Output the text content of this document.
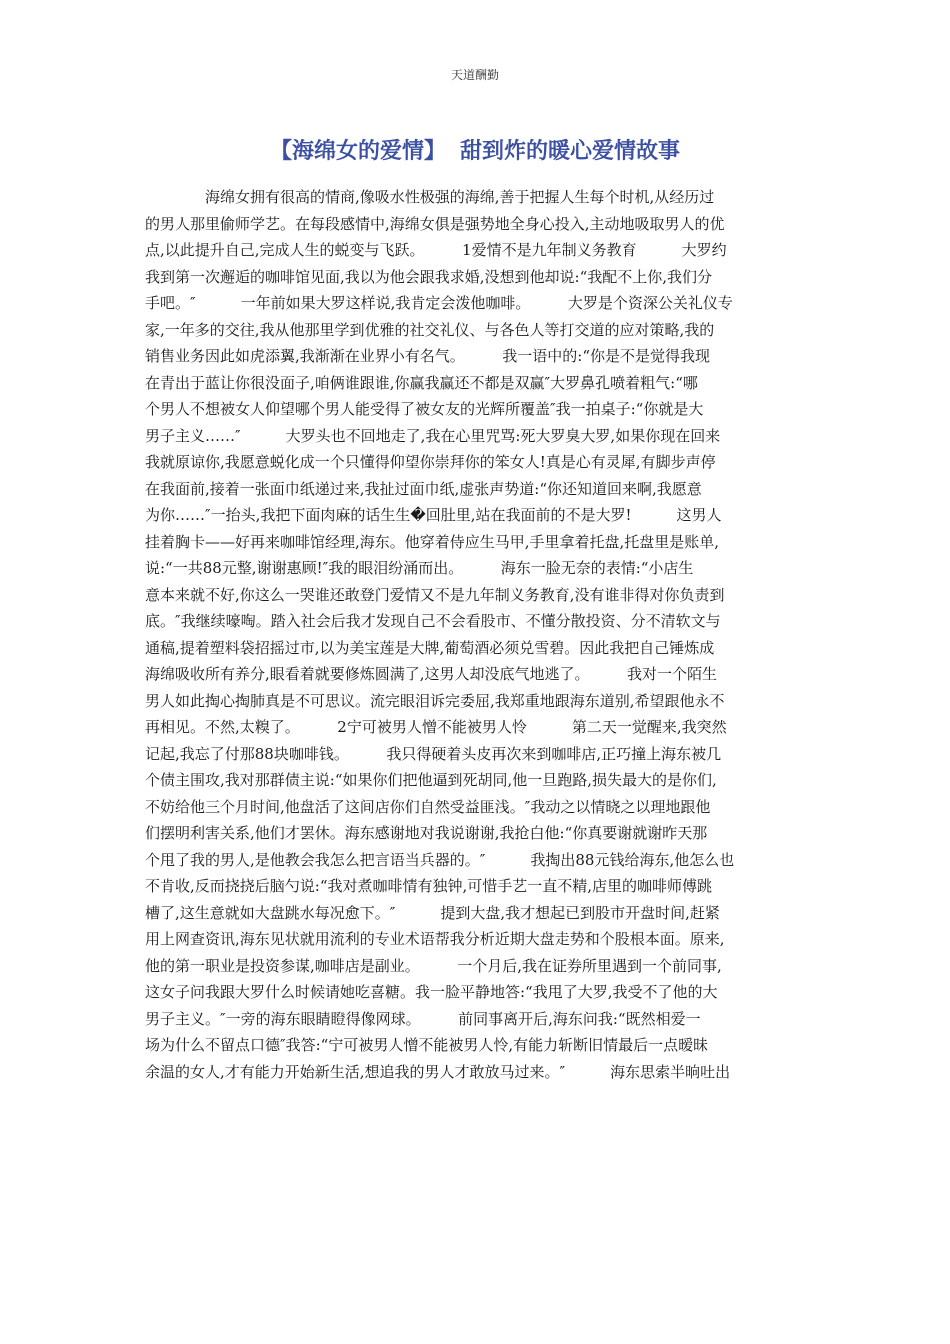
天道酬勤
【海绵女的爱情】 甜到炸的暖心爱情故事
　　　　海绵女拥有很高的情商,像吸水性极强的海绵,善于把握人生每个时机,从经历过
的男人那里偷师学艺。在每段感情中,海绵女俱是强势地全身心投入,主动地吸取男人的优
点,以此提升自己,完成人生的蜕变与飞跃。　　　1爱情不是九年制义务教育　　　大罗约
我到第一次邂逅的咖啡馆见面,我以为他会跟我求婚,没想到他却说:“我配不上你,我们分
手吧。″　　　一年前如果大罗这样说,我肯定会泼他咖啡。　　　大罗是个资深公关礼仪专
家,一年多的交往,我从他那里学到优雅的社交礼仪、与各色人等打交道的应对策略,我的
销售业务因此如虎添翼,我渐渐在业界小有名气。　　　我一语中的:“你是不是觉得我现
在青出于蓝让你很没面子,咱俩谁跟谁,你赢我赢还不都是双赢″大罗鼻孔喷着粗气:“哪
个男人不想被女人仰望哪个男人能受得了被女友的光辉所覆盖″我一拍桌子:“你就是大
男子主义……″　　　大罗头也不回地走了,我在心里咒骂:死大罗臭大罗,如果你现在回来
我就原谅你,我愿意蜕化成一个只懂得仰望你崇拜你的笨女人!真是心有灵犀,有脚步声停
在我面前,接着一张面巾纸递过来,我扯过面巾纸,虚张声势道:“你还知道回来啊,我愿意
为你……″一抬头,我把下面肉麻的话生生�回肚里,站在我面前的不是大罗!　　　这男人
挂着胸卡——好再来咖啡馆经理,海东。他穿着侍应生马甲,手里拿着托盘,托盘里是账单,
说:“一共88元整,谢谢惠顾!″我的眼泪纷涌而出。　　　海东一脸无奈的表情:“小店生
意本来就不好,你这么一哭谁还敢登门爱情又不是九年制义务教育,没有谁非得对你负责到
底。″我继续嚎啕。踏入社会后我才发现自己不会看股市、不懂分散投资、分不清软文与
通稿,提着塑料袋招摇过市,以为美宝莲是大牌,葡萄酒必须兑雪碧。因此我把自己锤炼成
海绵吸收所有养分,眼看着就要修炼圆满了,这男人却没底气地逃了。　　　我对一个陌生
男人如此掏心掏肺真是不可思议。流完眼泪诉完委屈,我郑重地跟海东道别,希望跟他永不
再相见。不然,太糗了。　　　2宁可被男人憎不能被男人怜　　　第二天一觉醒来,我突然
记起,我忘了付那88块咖啡钱。　　　我只得硬着头皮再次来到咖啡店,正巧撞上海东被几
个债主围攻,我对那群债主说:“如果你们把他逼到死胡同,他一旦跑路,损失最大的是你们,
不妨给他三个月时间,他盘活了这间店你们自然受益匪浅。″我动之以情晓之以理地跟他
们摆明利害关系,他们才罢休。海东感谢地对我说谢谢,我抢白他:“你真要谢就谢昨天那
个甩了我的男人,是他教会我怎么把言语当兵器的。″　　　我掏出88元钱给海东,他怎么也
不肯收,反而挠挠后脑勺说:“我对煮咖啡情有独钟,可惜手艺一直不精,店里的咖啡师傅跳
槽了,这生意就如大盘跳水每况愈下。″　　　提到大盘,我才想起已到股市开盘时间,赶紧
用上网查资讯,海东见状就用流利的专业术语帮我分析近期大盘走势和个股根本面。原来,
他的第一职业是投资参谋,咖啡店是副业。　　　一个月后,我在证券所里遇到一个前同事,
这女子问我跟大罗什么时候请她吃喜糖。我一脸平静地答:“我甩了大罗,我受不了他的大
男子主义。″一旁的海东眼睛瞪得像网球。　　　前同事离开后,海东问我:“既然相爱一
场为什么不留点口德″我答:“宁可被男人憎不能被男人怜,有能力斩断旧情最后一点暧昧
余温的女人,才有能力开始新生活,想追我的男人才敢放马过来。″　　　海东思索半晌吐出
